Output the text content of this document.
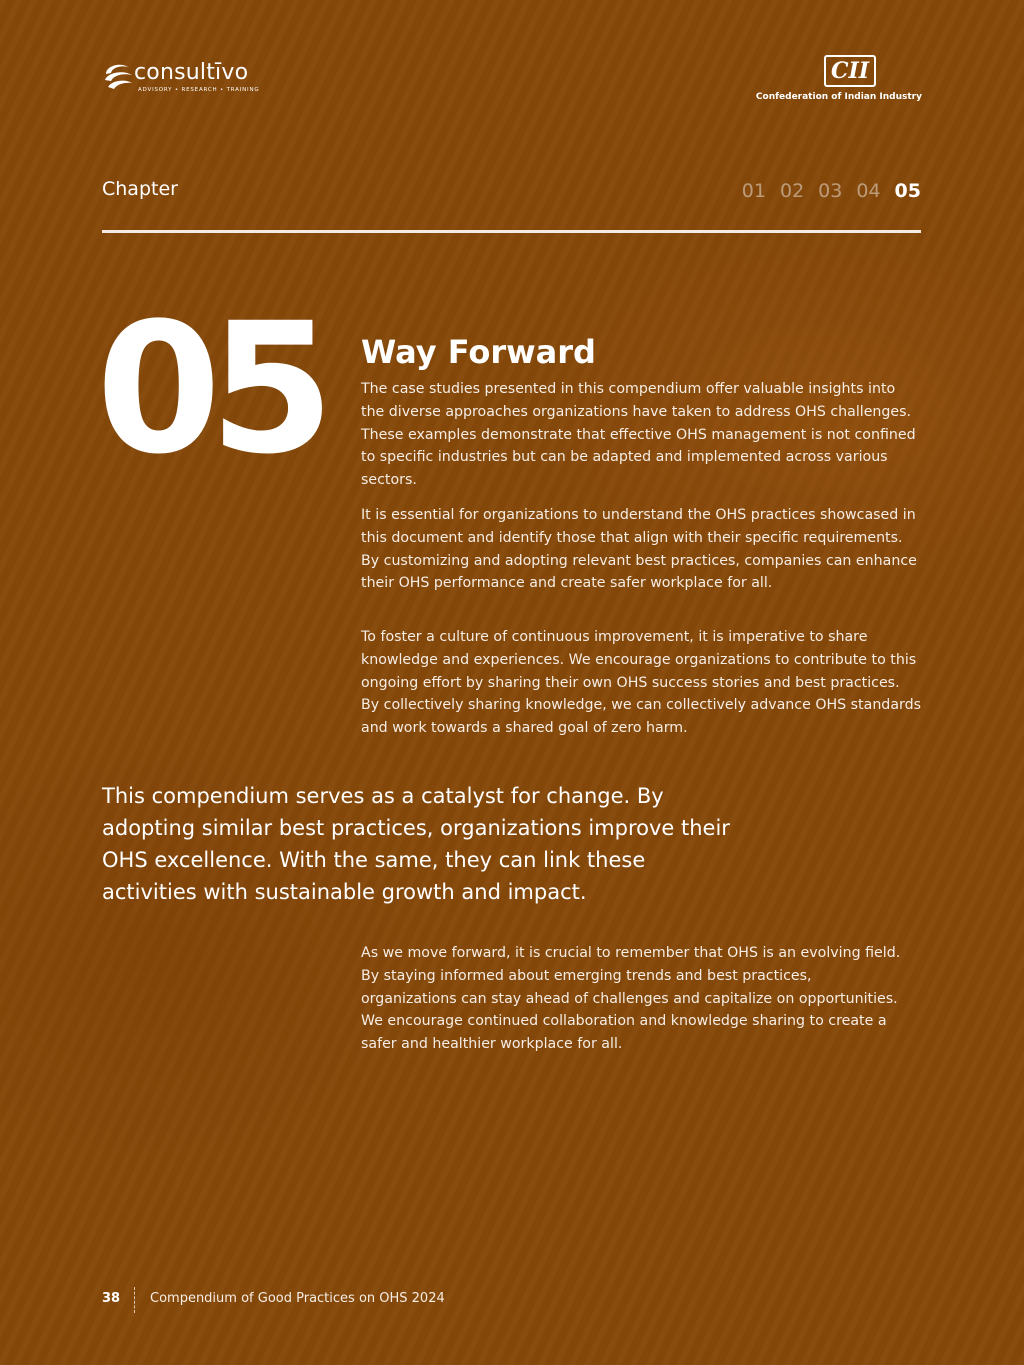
consultīvo
ADVISORY • RESEARCH • TRAINING
CII
Confederation of Indian Industry
Chapter	01 02 03 04 05
05 Way Forward
The case studies presented in this compendium offer valuable insights into the diverse approaches organizations have taken to address OHS challenges. These examples demonstrate that effective OHS management is not confined to specific industries but can be adapted and implemented across various sectors.
It is essential for organizations to understand the OHS practices showcased in this document and identify those that align with their specific requirements. By customizing and adopting relevant best practices, companies can enhance their OHS performance and create safer workplace for all.
To foster a culture of continuous improvement, it is imperative to share knowledge and experiences. We encourage organizations to contribute to this ongoing effort by sharing their own OHS success stories and best practices. By collectively sharing knowledge, we can collectively advance OHS standards and work towards a shared goal of zero harm.
This compendium serves as a catalyst for change. By adopting similar best practices, organizations improve their OHS excellence. With the same, they can link these activities with sustainable growth and impact.
As we move forward, it is crucial to remember that OHS is an evolving field. By staying informed about emerging trends and best practices, organizations can stay ahead of challenges and capitalize on opportunities. We encourage continued collaboration and knowledge sharing to create a safer and healthier workplace for all.
38 Compendium of Good Practices on OHS 2024
